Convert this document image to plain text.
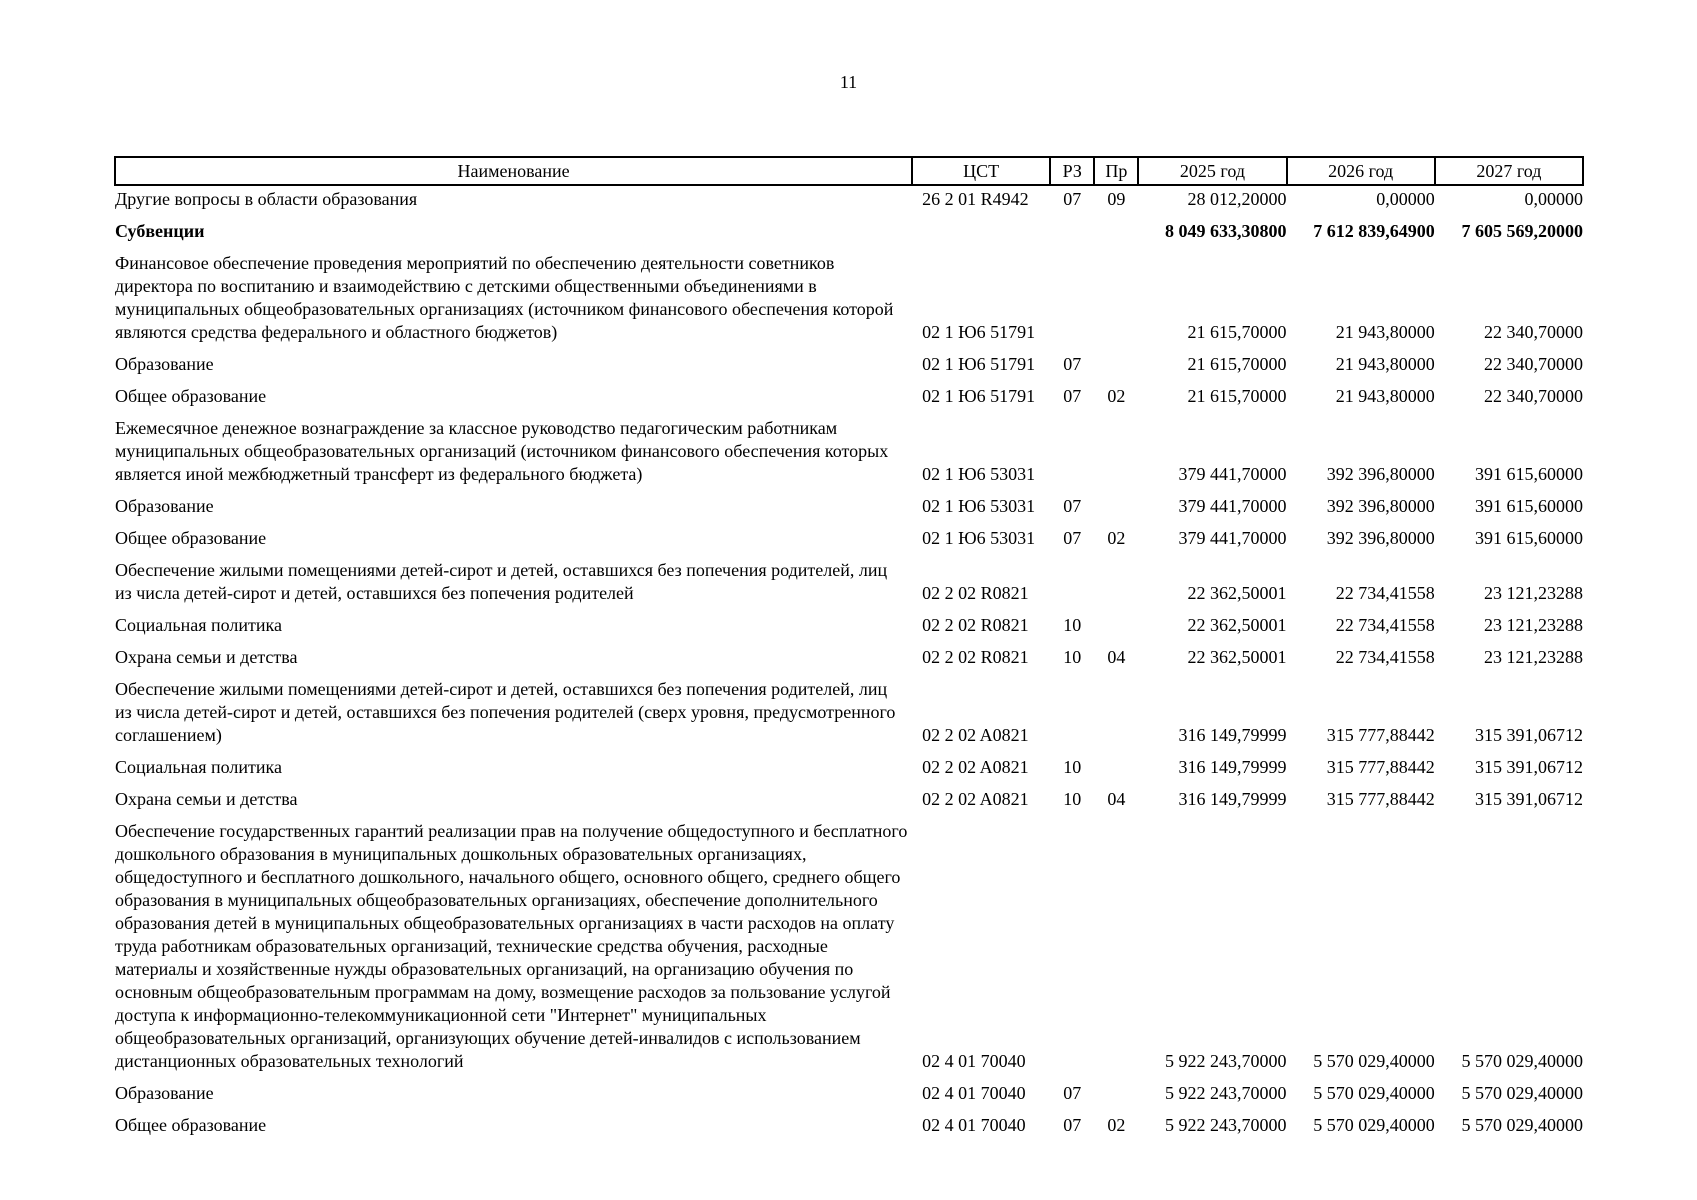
11
Наименование	ЦСТ	РЗ	Пр	2025 год	2026 год	2027 год
Другие вопросы в области образования	26 2 01 R4942	07	09	28 012,20000	0,00000	0,00000
Субвенции				8 049 633,30800	7 612 839,64900	7 605 569,20000
Финансовое обеспечение проведения мероприятий по обеспечению деятельности советников директора по воспитанию и взаимодействию с детскими общественными объединениями в муниципальных общеобразовательных организациях (источником финансового обеспечения которой являются средства федерального и областного бюджетов)	02 1 Ю6 51791			21 615,70000	21 943,80000	22 340,70000
Образование	02 1 Ю6 51791	07		21 615,70000	21 943,80000	22 340,70000
Общее образование	02 1 Ю6 51791	07	02	21 615,70000	21 943,80000	22 340,70000
Ежемесячное денежное вознаграждение за классное руководство педагогическим работникам муниципальных общеобразовательных организаций (источником финансового обеспечения которых является иной межбюджетный трансферт из федерального бюджета)	02 1 Ю6 53031			379 441,70000	392 396,80000	391 615,60000
Образование	02 1 Ю6 53031	07		379 441,70000	392 396,80000	391 615,60000
Общее образование	02 1 Ю6 53031	07	02	379 441,70000	392 396,80000	391 615,60000
Обеспечение жилыми помещениями детей-сирот и детей, оставшихся без попечения родителей, лиц из числа детей-сирот и детей, оставшихся без попечения родителей	02 2 02 R0821			22 362,50001	22 734,41558	23 121,23288
Социальная политика	02 2 02 R0821	10		22 362,50001	22 734,41558	23 121,23288
Охрана семьи и детства	02 2 02 R0821	10	04	22 362,50001	22 734,41558	23 121,23288
Обеспечение жилыми помещениями детей-сирот и детей, оставшихся без попечения родителей, лиц из числа детей-сирот и детей, оставшихся без попечения родителей (сверх уровня, предусмотренного соглашением)	02 2 02 A0821			316 149,79999	315 777,88442	315 391,06712
Социальная политика	02 2 02 A0821	10		316 149,79999	315 777,88442	315 391,06712
Охрана семьи и детства	02 2 02 A0821	10	04	316 149,79999	315 777,88442	315 391,06712
Обеспечение государственных гарантий реализации прав на получение общедоступного и бесплатного дошкольного образования в муниципальных дошкольных образовательных организациях, общедоступного и бесплатного дошкольного, начального общего, основного общего, среднего общего образования в муниципальных общеобразовательных организациях, обеспечение дополнительного образования детей в муниципальных общеобразовательных организациях в части расходов на оплату труда работникам образовательных организаций, технические средства обучения, расходные материалы и хозяйственные нужды образовательных организаций, на организацию обучения по основным общеобразовательным программам на дому, возмещение расходов за пользование услугой доступа к информационно-телекоммуникационной сети "Интернет" муниципальных общеобразовательных организаций, организующих обучение детей-инвалидов с использованием дистанционных образовательных технологий	02 4 01 70040			5 922 243,70000	5 570 029,40000	5 570 029,40000
Образование	02 4 01 70040	07		5 922 243,70000	5 570 029,40000	5 570 029,40000
Общее образование	02 4 01 70040	07	02	5 922 243,70000	5 570 029,40000	5 570 029,40000
